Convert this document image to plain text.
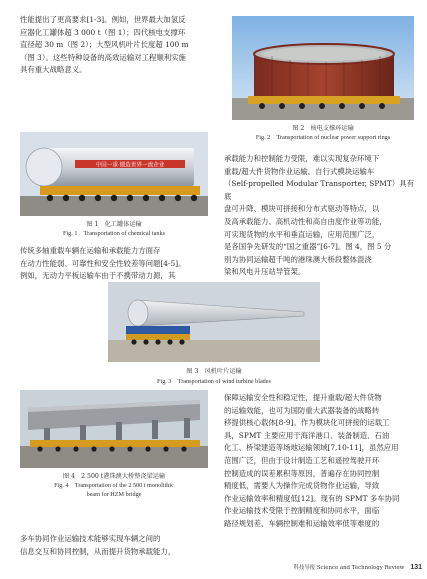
性能提出了更高要求[1-3]。例如，世界最大加氢反
应器化工罐体超 3 000 t（图 1）；四代核电支撑环
直径超 30 m（图 2）；大型风机叶片长度超 100 m
（图 3）。这些特种设备的高效运输对工程顺利实施
具有重大战略意义。
图 2　核电支撑环运输
Fig. 2　Transportation of nuclear power support rings
中国一重·锻造世界一流企业
图 1　化工罐体运输
Fig. 1　Transportation of chemical tanks
承载能力和控制能力受限，难以实现复杂环境下
重载/超大件货物作业运输。自行式模块运输车
（Self-propelled Modular Transporter, SPMT）具有底
盘可升降、模块可拼接和分布式驱动等特点，以
及高承载能力、高机动性和高自由度作业等功能，
可实现货物的水平和垂直运输，应用范围广泛，
是各国争先研发的“国之重器”[6-7]。图 4，图 5 分
别为协同运输超千吨的港珠澳大桥段整体混浇
梁和风电升压站导管架。
传统多轴重载车辆在运输和承载能力方面存
在动力性能弱、可靠性和安全性较差等问题[4-5]。
例如，无动力平板运输车由于不携带动力源，其
图 3　风机叶片运输
Fig. 3　Transportation of wind turbine blades
图 4　2 500 t港珠澳大桥整浇梁运输
Fig. 4　Transportation of the 2 500 t monolithic
beam for HZM bridge
保障运输安全性和稳定性，提升重载/超大件货物
的运输效能，也可为国防重大武器装备的战略转
移提供核心载体[8-9]。作为模块化可拼接的运载工
具，SPMT 主要应用于海洋港口、装备制造、石油
化工、桥梁建造等场地运输领域[7,10-11]，虽然应用
范围广泛，但由于设计制造工艺和遥控驾驶开环
控制造成的误差累积等原因，普遍存在协同控制
精度低，需要人为操作完成货物作业运输，导致
作业运输效率和精度低[12]。现有的 SPMT 多车协同
作业运输技术受限于控制精度和协同水平，面临
路径规划差、车辆控制难和运输效率低等难度的
多车协同作业运输技术能够实现车辆之间的
信息交互和协同控制，从而提升货物承载能力，
科技导报 Science and Technology Review 131
